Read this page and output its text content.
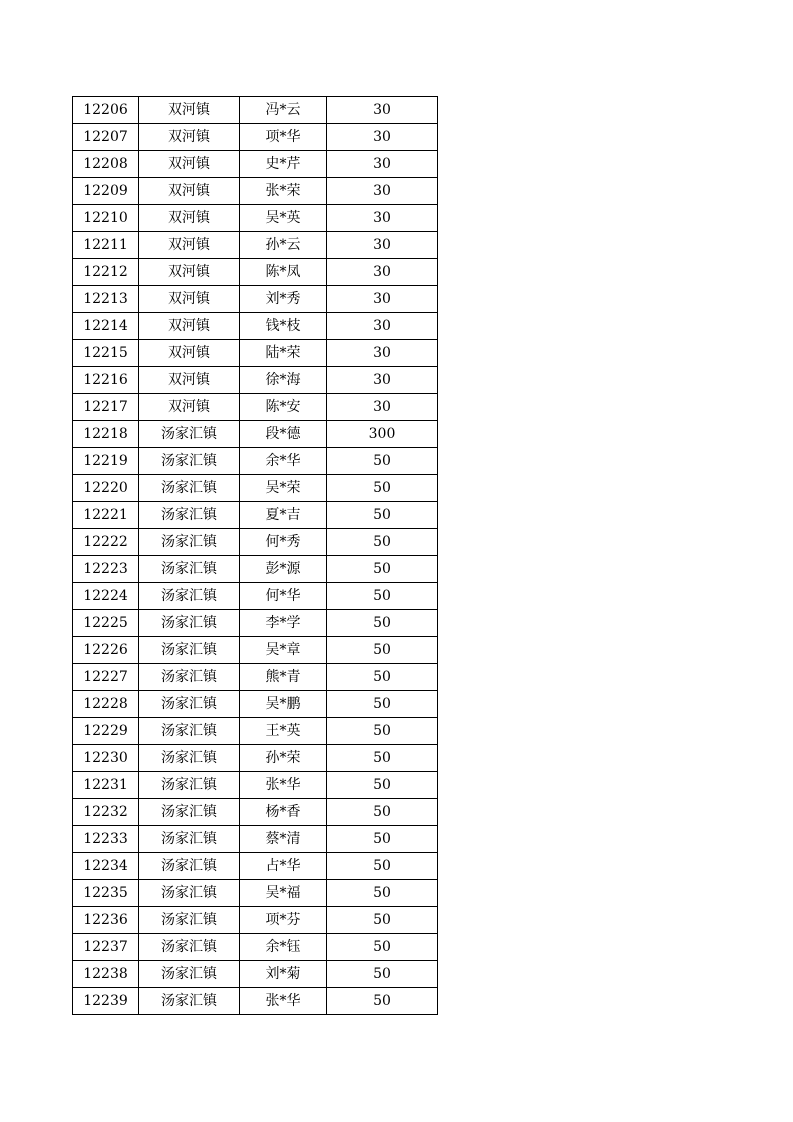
12206	双河镇	冯*云	30
12207	双河镇	项*华	30
12208	双河镇	史*芹	30
12209	双河镇	张*荣	30
12210	双河镇	吴*英	30
12211	双河镇	孙*云	30
12212	双河镇	陈*凤	30
12213	双河镇	刘*秀	30
12214	双河镇	钱*枝	30
12215	双河镇	陆*荣	30
12216	双河镇	徐*海	30
12217	双河镇	陈*安	30
12218	汤家汇镇	段*德	300
12219	汤家汇镇	余*华	50
12220	汤家汇镇	吴*荣	50
12221	汤家汇镇	夏*吉	50
12222	汤家汇镇	何*秀	50
12223	汤家汇镇	彭*源	50
12224	汤家汇镇	何*华	50
12225	汤家汇镇	李*学	50
12226	汤家汇镇	吴*章	50
12227	汤家汇镇	熊*青	50
12228	汤家汇镇	吴*鹏	50
12229	汤家汇镇	王*英	50
12230	汤家汇镇	孙*荣	50
12231	汤家汇镇	张*华	50
12232	汤家汇镇	杨*香	50
12233	汤家汇镇	蔡*清	50
12234	汤家汇镇	占*华	50
12235	汤家汇镇	吴*福	50
12236	汤家汇镇	项*芬	50
12237	汤家汇镇	余*钰	50
12238	汤家汇镇	刘*菊	50
12239	汤家汇镇	张*华	50
